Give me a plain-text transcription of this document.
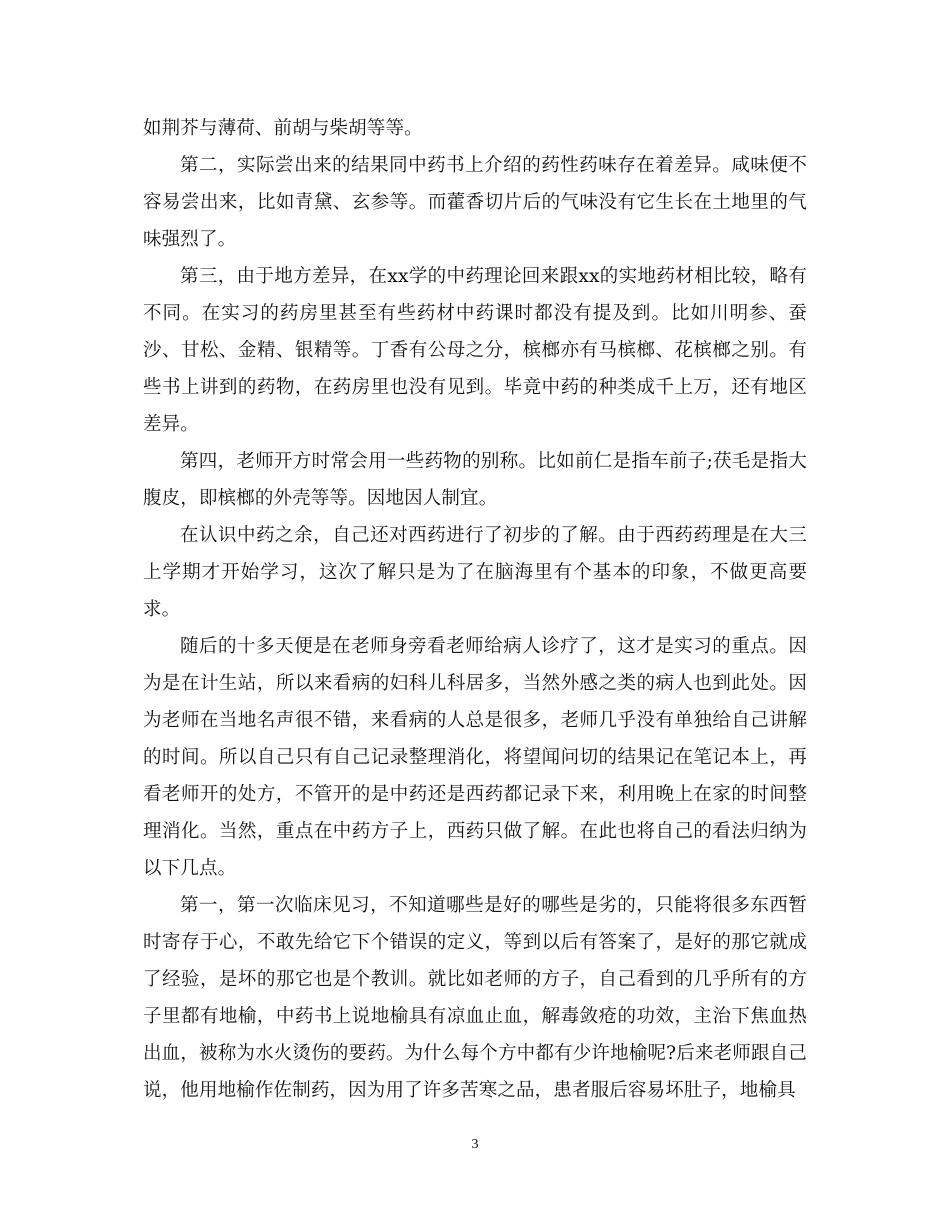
如荆芥与薄荷、前胡与柴胡等等。

第二，实际尝出来的结果同中药书上介绍的药性药味存在着差异。咸味便不容易尝出来，比如青黛、玄参等。而藿香切片后的气味没有它生长在土地里的气味强烈了。

第三，由于地方差异，在xx学的中药理论回来跟xx的实地药材相比较，略有不同。在实习的药房里甚至有些药材中药课时都没有提及到。比如川明参、蚕沙、甘松、金精、银精等。丁香有公母之分，槟榔亦有马槟榔、花槟榔之别。有些书上讲到的药物，在药房里也没有见到。毕竟中药的种类成千上万，还有地区差异。

第四，老师开方时常会用一些药物的别称。比如前仁是指车前子;茯毛是指大腹皮，即槟榔的外壳等等。因地因人制宜。

在认识中药之余，自己还对西药进行了初步的了解。由于西药药理是在大三上学期才开始学习，这次了解只是为了在脑海里有个基本的印象，不做更高要求。

随后的十多天便是在老师身旁看老师给病人诊疗了，这才是实习的重点。因为是在计生站，所以来看病的妇科儿科居多，当然外感之类的病人也到此处。因为老师在当地名声很不错，来看病的人总是很多，老师几乎没有单独给自己讲解的时间。所以自己只有自己记录整理消化，将望闻问切的结果记在笔记本上，再看老师开的处方，不管开的是中药还是西药都记录下来，利用晚上在家的时间整理消化。当然，重点在中药方子上，西药只做了解。在此也将自己的看法归纳为以下几点。

第一，第一次临床见习，不知道哪些是好的哪些是劣的，只能将很多东西暂时寄存于心，不敢先给它下个错误的定义，等到以后有答案了，是好的那它就成了经验，是坏的那它也是个教训。就比如老师的方子，自己看到的几乎所有的方子里都有地榆，中药书上说地榆具有凉血止血，解毒敛疮的功效，主治下焦血热出血，被称为水火烫伤的要药。为什么每个方中都有少许地榆呢?后来老师跟自己说，他用地榆作佐制药，因为用了许多苦寒之品，患者服后容易坏肚子，地榆具

3
